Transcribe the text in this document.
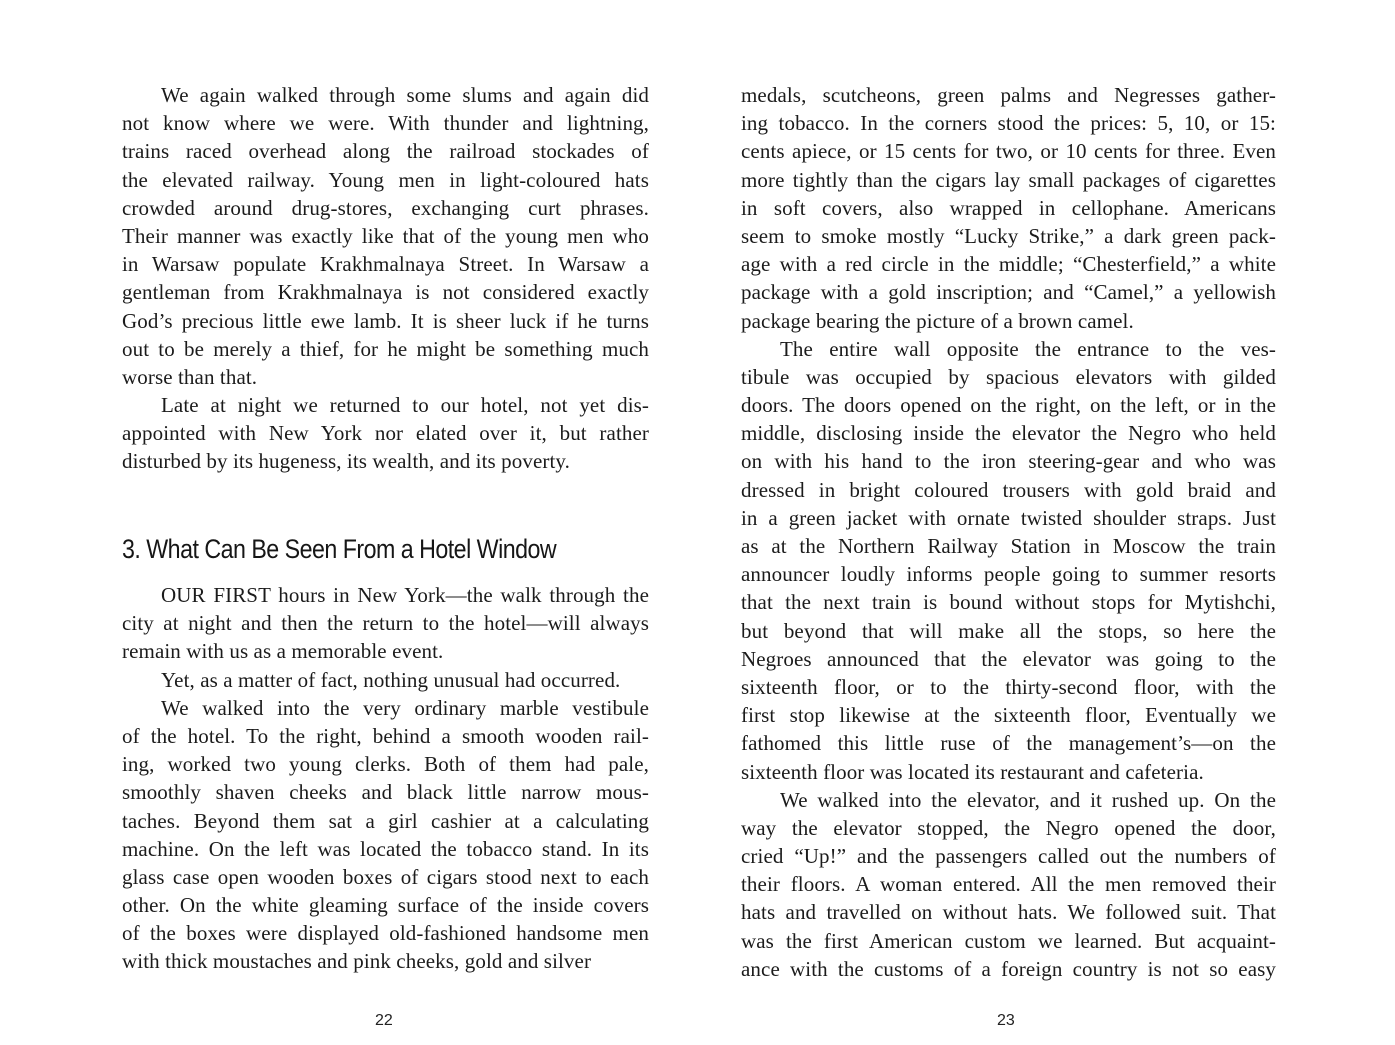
We again walked through some slums and again did
not know where we were. With thunder and lightning,
trains raced overhead along the railroad stockades of
the elevated railway. Young men in light-coloured hats
crowded around drug-stores, exchanging curt phrases.
Their manner was exactly like that of the young men who
in Warsaw populate Krakhmalnaya Street. In Warsaw a
gentleman from Krakhmalnaya is not considered exactly
God’s precious little ewe lamb. It is sheer luck if he turns
out to be merely a thief, for he might be something much
worse than that.
Late at night we returned to our hotel, not yet dis-
appointed with New York nor elated over it, but rather
disturbed by its hugeness, its wealth, and its poverty.
3. What Can Be Seen From a Hotel Window
OUR FIRST hours in New York—the walk through the
city at night and then the return to the hotel—will always
remain with us as a memorable event.
Yet, as a matter of fact, nothing unusual had occurred.
We walked into the very ordinary marble vestibule
of the hotel. To the right, behind a smooth wooden rail-
ing, worked two young clerks. Both of them had pale,
smoothly shaven cheeks and black little narrow mous-
taches. Beyond them sat a girl cashier at a calculating
machine. On the left was located the tobacco stand. In its
glass case open wooden boxes of cigars stood next to each
other. On the white gleaming surface of the inside covers
of the boxes were displayed old-fashioned handsome men
with thick moustaches and pink cheeks, gold and silver
22
medals, scutcheons, green palms and Negresses gather-
ing tobacco. In the corners stood the prices: 5, 10, or 15:
cents apiece, or 15 cents for two, or 10 cents for three. Even
more tightly than the cigars lay small packages of cigarettes
in soft covers, also wrapped in cellophane. Americans
seem to smoke mostly “Lucky Strike,” a dark green pack-
age with a red circle in the middle; “Chesterfield,” a white
package with a gold inscription; and “Camel,” a yellowish
package bearing the picture of a brown camel.
The entire wall opposite the entrance to the ves-
tibule was occupied by spacious elevators with gilded
doors. The doors opened on the right, on the left, or in the
middle, disclosing inside the elevator the Negro who held
on with his hand to the iron steering-gear and who was
dressed in bright coloured trousers with gold braid and
in a green jacket with ornate twisted shoulder straps. Just
as at the Northern Railway Station in Moscow the train
announcer loudly informs people going to summer resorts
that the next train is bound without stops for Mytishchi,
but beyond that will make all the stops, so here the
Negroes announced that the elevator was going to the
sixteenth floor, or to the thirty-second floor, with the
first stop likewise at the sixteenth floor, Eventually we
fathomed this little ruse of the management’s—on the
sixteenth floor was located its restaurant and cafeteria.
We walked into the elevator, and it rushed up. On the
way the elevator stopped, the Negro opened the door,
cried “Up!” and the passengers called out the numbers of
their floors. A woman entered. All the men removed their
hats and travelled on without hats. We followed suit. That
was the first American custom we learned. But acquaint-
ance with the customs of a foreign country is not so easy
23
